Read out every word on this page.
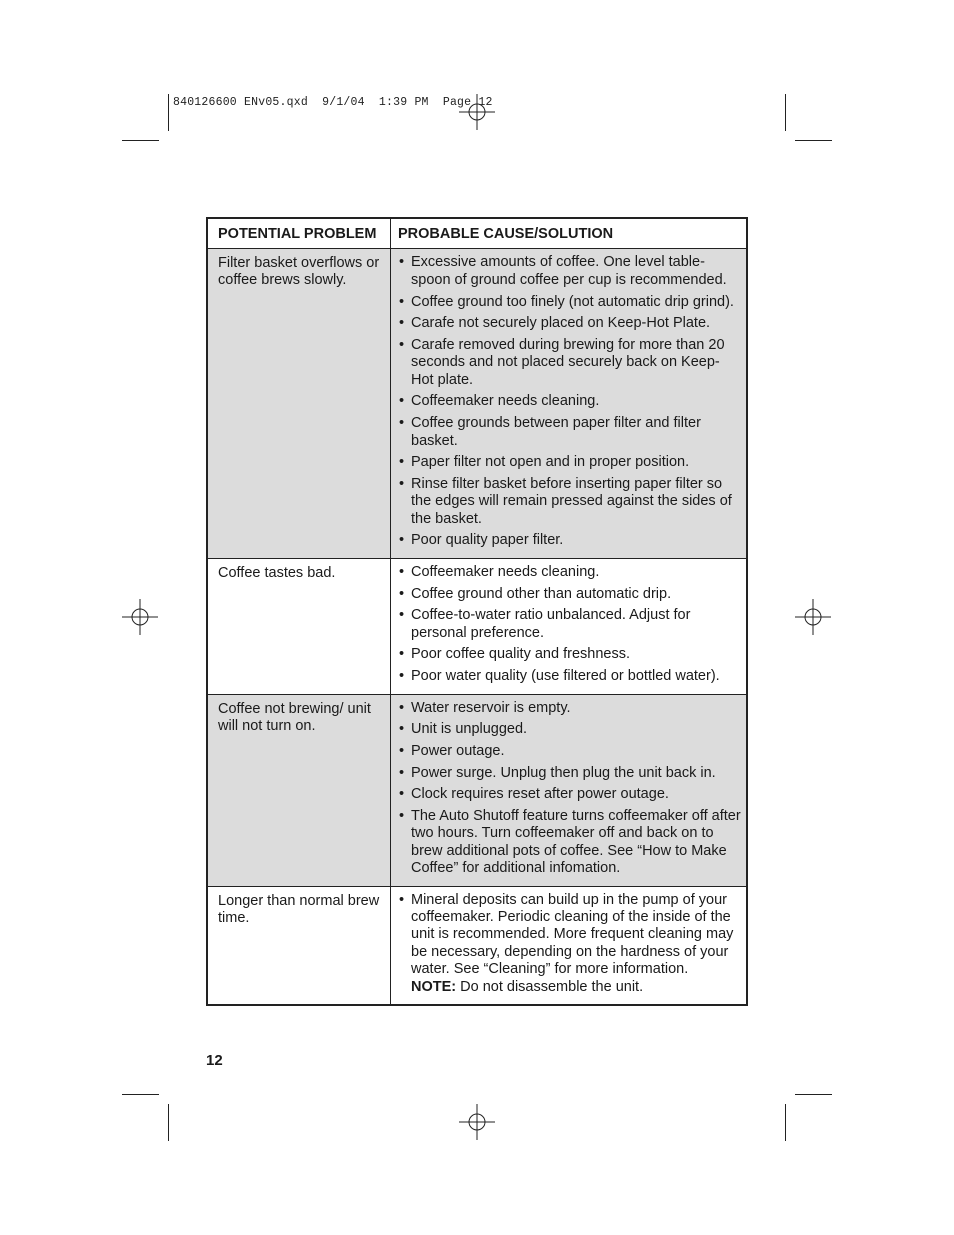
840126600 ENv05.qxd  9/1/04  1:39 PM  Page 12
POTENTIAL PROBLEM	PROBABLE CAUSE/SOLUTION
Filter basket overflows or coffee brews slowly.
• Excessive amounts of coffee. One level table-spoon of ground coffee per cup is recommended.
• Coffee ground too finely (not automatic drip grind).
• Carafe not securely placed on Keep-Hot Plate.
• Carafe removed during brewing for more than 20 seconds and not placed securely back on Keep-Hot plate.
• Coffeemaker needs cleaning.
• Coffee grounds between paper filter and filter basket.
• Paper filter not open and in proper position.
• Rinse filter basket before inserting paper filter so the edges will remain pressed against the sides of the basket.
• Poor quality paper filter.
Coffee tastes bad.
•	Coffeemaker needs cleaning.
• Coffee ground other than automatic drip.
• Coffee-to-water ratio unbalanced. Adjust for personal preference.
• Poor coffee quality and freshness.
• Poor water quality (use filtered or bottled water).
Coffee not brewing/ unit will not turn on.
• Water reservoir is empty.
• Unit is unplugged.
• Power outage.
• Power surge. Unplug then plug the unit back in.
• Clock requires reset after power outage.
• The Auto Shutoff feature turns coffeemaker off after two hours. Turn coffeemaker off and back on to brew additional pots of coffee. See “How to Make Coffee” for additional infomation.
Longer than normal brew time.
• Mineral deposits can build up in the pump of your coffeemaker. Periodic cleaning of the inside of the unit is recommended. More frequent cleaning may be necessary, depending on the hardness of your water. See “Cleaning” for more information.
NOTE: Do not disassemble the unit.
12
